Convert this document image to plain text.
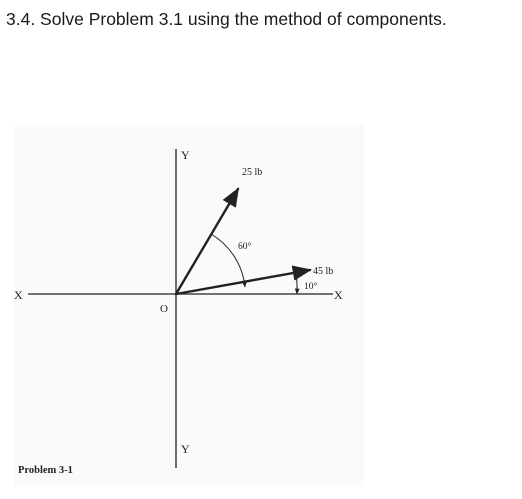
3.4. Solve Problem 3.1 using the method of components.
X	X
Y
Y
O
25 lb
60°
45 lb
10°
Problem 3-1
